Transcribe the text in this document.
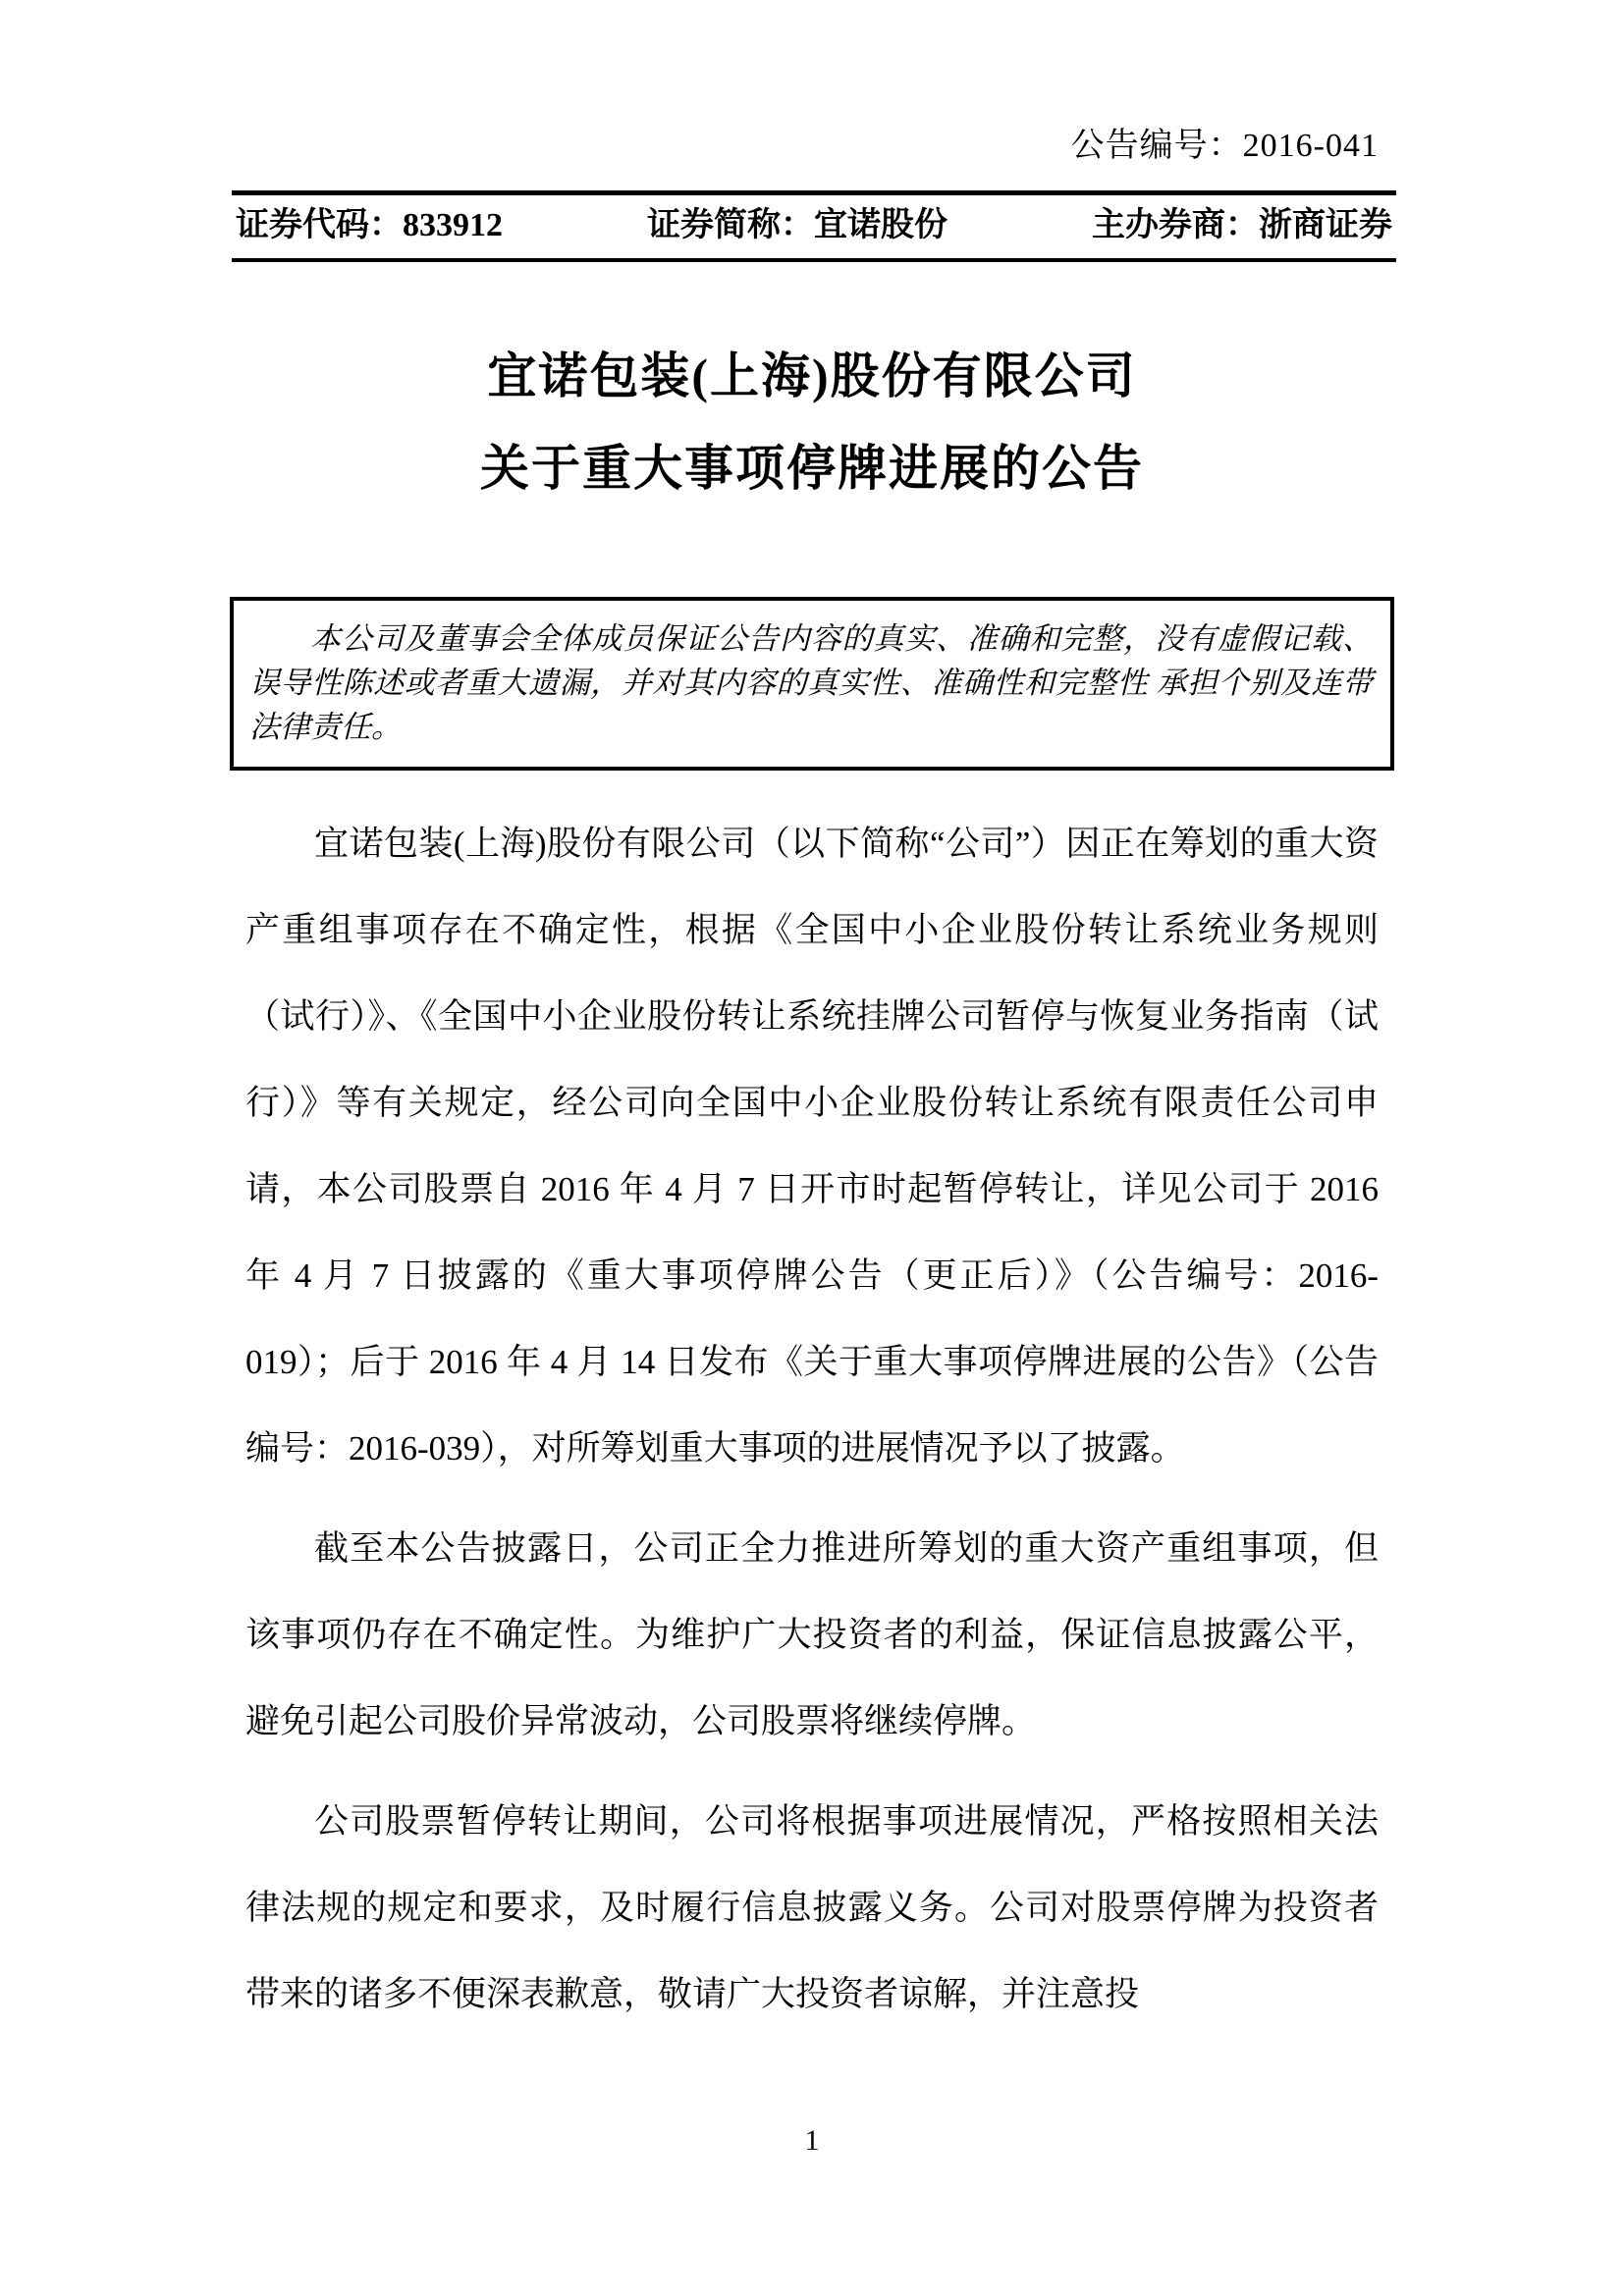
公告编号：2016-041
证券代码：833912	证券简称：宜诺股份	主办券商：浙商证券
宜诺包装(上海)股份有限公司
关于重大事项停牌进展的公告

本公司及董事会全体成员保证公告内容的真实、准确和完整，没有虚假记载、误导性陈述或者重大遗漏，并对其内容的真实性、准确性和完整性 承担个别及连带法律责任。

宜诺包装(上海)股份有限公司（以下简称“公司”）因正在筹划的重大资产重组事项存在不确定性，根据《全国中小企业股份转让系统业务规则（试行）》、《全国中小企业股份转让系统挂牌公司暂停与恢复业务指南（试行）》等有关规定，经公司向全国中小企业股份转让系统有限责任公司申请，本公司股票自 2016 年 4 月 7 日开市时起暂停转让，详见公司于 2016 年 4 月 7 日披露的《重大事项停牌公告（更正后）》（公告编号：2016-019）；后于 2016 年 4 月 14 日发布《关于重大事项停牌进展的公告》（公告编号：2016-039），对所筹划重大事项的进展情况予以了披露。

截至本公告披露日，公司正全力推进所筹划的重大资产重组事项，但该事项仍存在不确定性。为维护广大投资者的利益，保证信息披露公平，避免引起公司股价异常波动，公司股票将继续停牌。

公司股票暂停转让期间，公司将根据事项进展情况，严格按照相关法律法规的规定和要求，及时履行信息披露义务。公司对股票停牌为投资者带来的诸多不便深表歉意，敬请广大投资者谅解，并注意投

1
